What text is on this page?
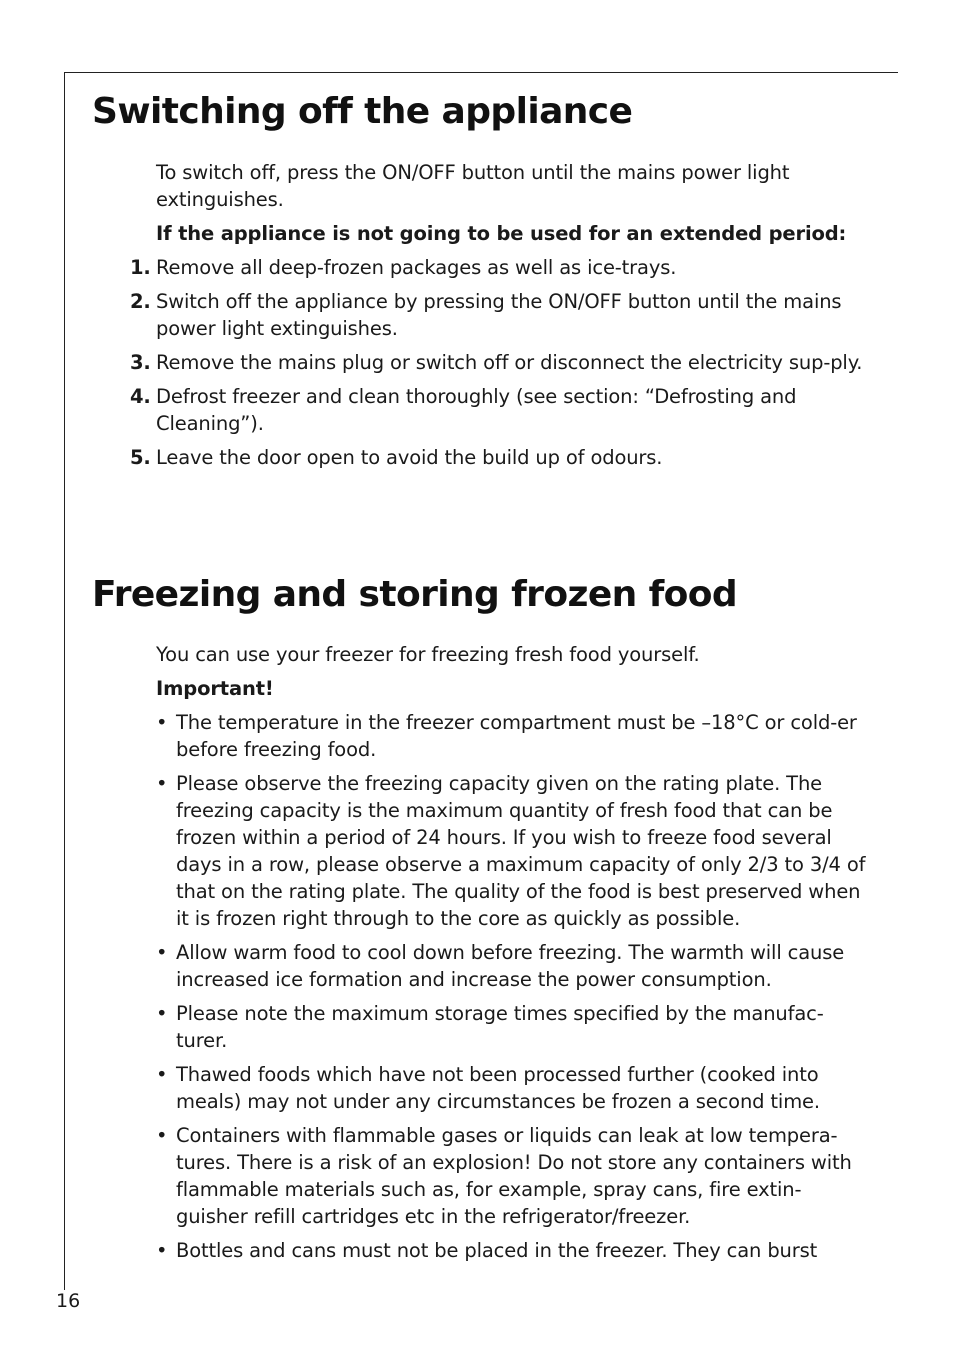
Switching off the appliance

To switch off, press the ON/OFF button until the mains power light extinguishes.

If the appliance is not going to be used for an extended period:

1. Remove all deep-frozen packages as well as ice-trays.
2. Switch off the appliance by pressing the ON/OFF button until the mains power light extinguishes.
3. Remove the mains plug or switch off or disconnect the electricity sup-ply.
4. Defrost freezer and clean thoroughly (see section: “Defrosting and Cleaning”).
5. Leave the door open to avoid the build up of odours.
Freezing and storing frozen food

You can use your freezer for freezing fresh food yourself.

Important!

• The temperature in the freezer compartment must be –18°C or cold-er before freezing food.
• Please observe the freezing capacity given on the rating plate. The freezing capacity is the maximum quantity of fresh food that can be frozen within a period of 24 hours. If you wish to freeze food several days in a row, please observe a maximum capacity of only 2/3 to 3/4 of that on the rating plate. The quality of the food is best preserved when it is frozen right through to the core as quickly as possible.
• Allow warm food to cool down before freezing. The warmth will cause increased ice formation and increase the power consumption.
• Please note the maximum storage times specified by the manufac-turer.
• Thawed foods which have not been processed further (cooked into meals) may not under any circumstances be frozen a second time.
• Containers with flammable gases or liquids can leak at low tempera-tures. There is a risk of an explosion! Do not store any containers with flammable materials such as, for example, spray cans, fire extin-guisher refill cartridges etc in the refrigerator/freezer.
• Bottles and cans must not be placed in the freezer. They can burst
16
